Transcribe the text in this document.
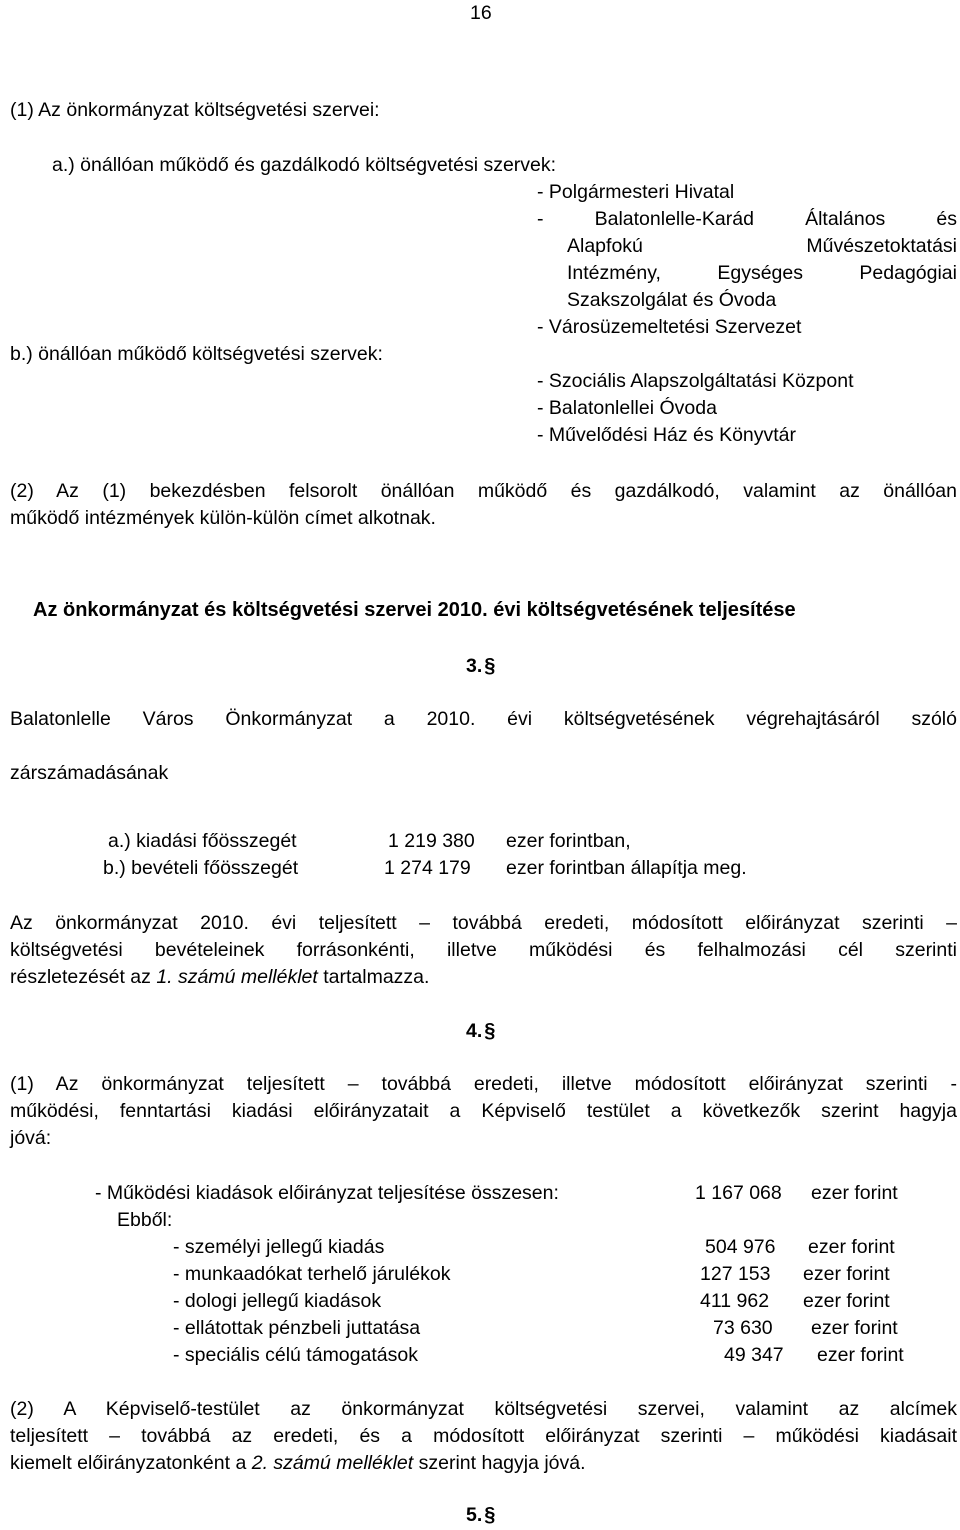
16
(1) Az önkormányzat költségvetési szervei:
a.) önállóan működő és gazdálkodó költségvetési szervek:
- Polgármesteri Hivatal
- Balatonlelle-Karád Általános és
Alapfokú Művészetoktatási
Intézmény, Egységes Pedagógiai
Szakszolgálat és Óvoda
- Városüzemeltetési Szervezet
b.) önállóan működő költségvetési szervek:
- Szociális Alapszolgáltatási Központ
- Balatonlellei Óvoda
- Művelődési Ház és Könyvtár
(2) Az (1) bekezdésben felsorolt önállóan működő és gazdálkodó, valamint az önállóan
működő intézmények külön-külön címet alkotnak.
Az önkormányzat és költségvetési szervei 2010. évi költségvetésének teljesítése
3. §
Balatonlelle Város Önkormányzat a 2010. évi költségvetésének végrehajtásáról szóló
zárszámadásának
a.) kiadási főösszegét	1 219 380 ezer forintban,
b.) bevételi főösszegét	1 274 179 ezer forintban állapítja meg.
Az önkormányzat 2010. évi teljesített – továbbá eredeti, módosított előirányzat szerinti –
költségvetési bevételeinek forrásonkénti, illetve működési és felhalmozási cél szerinti
részletezését az 1. számú melléklet tartalmazza.
4. §
(1) Az önkormányzat teljesített – továbbá eredeti, illetve módosított előirányzat szerinti -
működési, fenntartási kiadási előirányzatait a Képviselő testület a következők szerint hagyja
jóvá:
- Működési kiadások előirányzat teljesítése összesen:	1 167 068 ezer forint
Ebből:
- személyi jellegű kiadás	504 976 ezer forint
- munkaadókat terhelő járulékok	127 153 ezer forint
- dologi jellegű kiadások	411 962 ezer forint
- ellátottak pénzbeli juttatása	73 630 ezer forint
- speciális célú támogatások	49 347 ezer forint
(2) A Képviselő-testület az önkormányzat költségvetési szervei, valamint az alcímek
teljesített – továbbá az eredeti, és a módosított előirányzat szerinti – működési kiadásait
kiemelt előirányzatonként a 2. számú melléklet szerint hagyja jóvá.
5. §
